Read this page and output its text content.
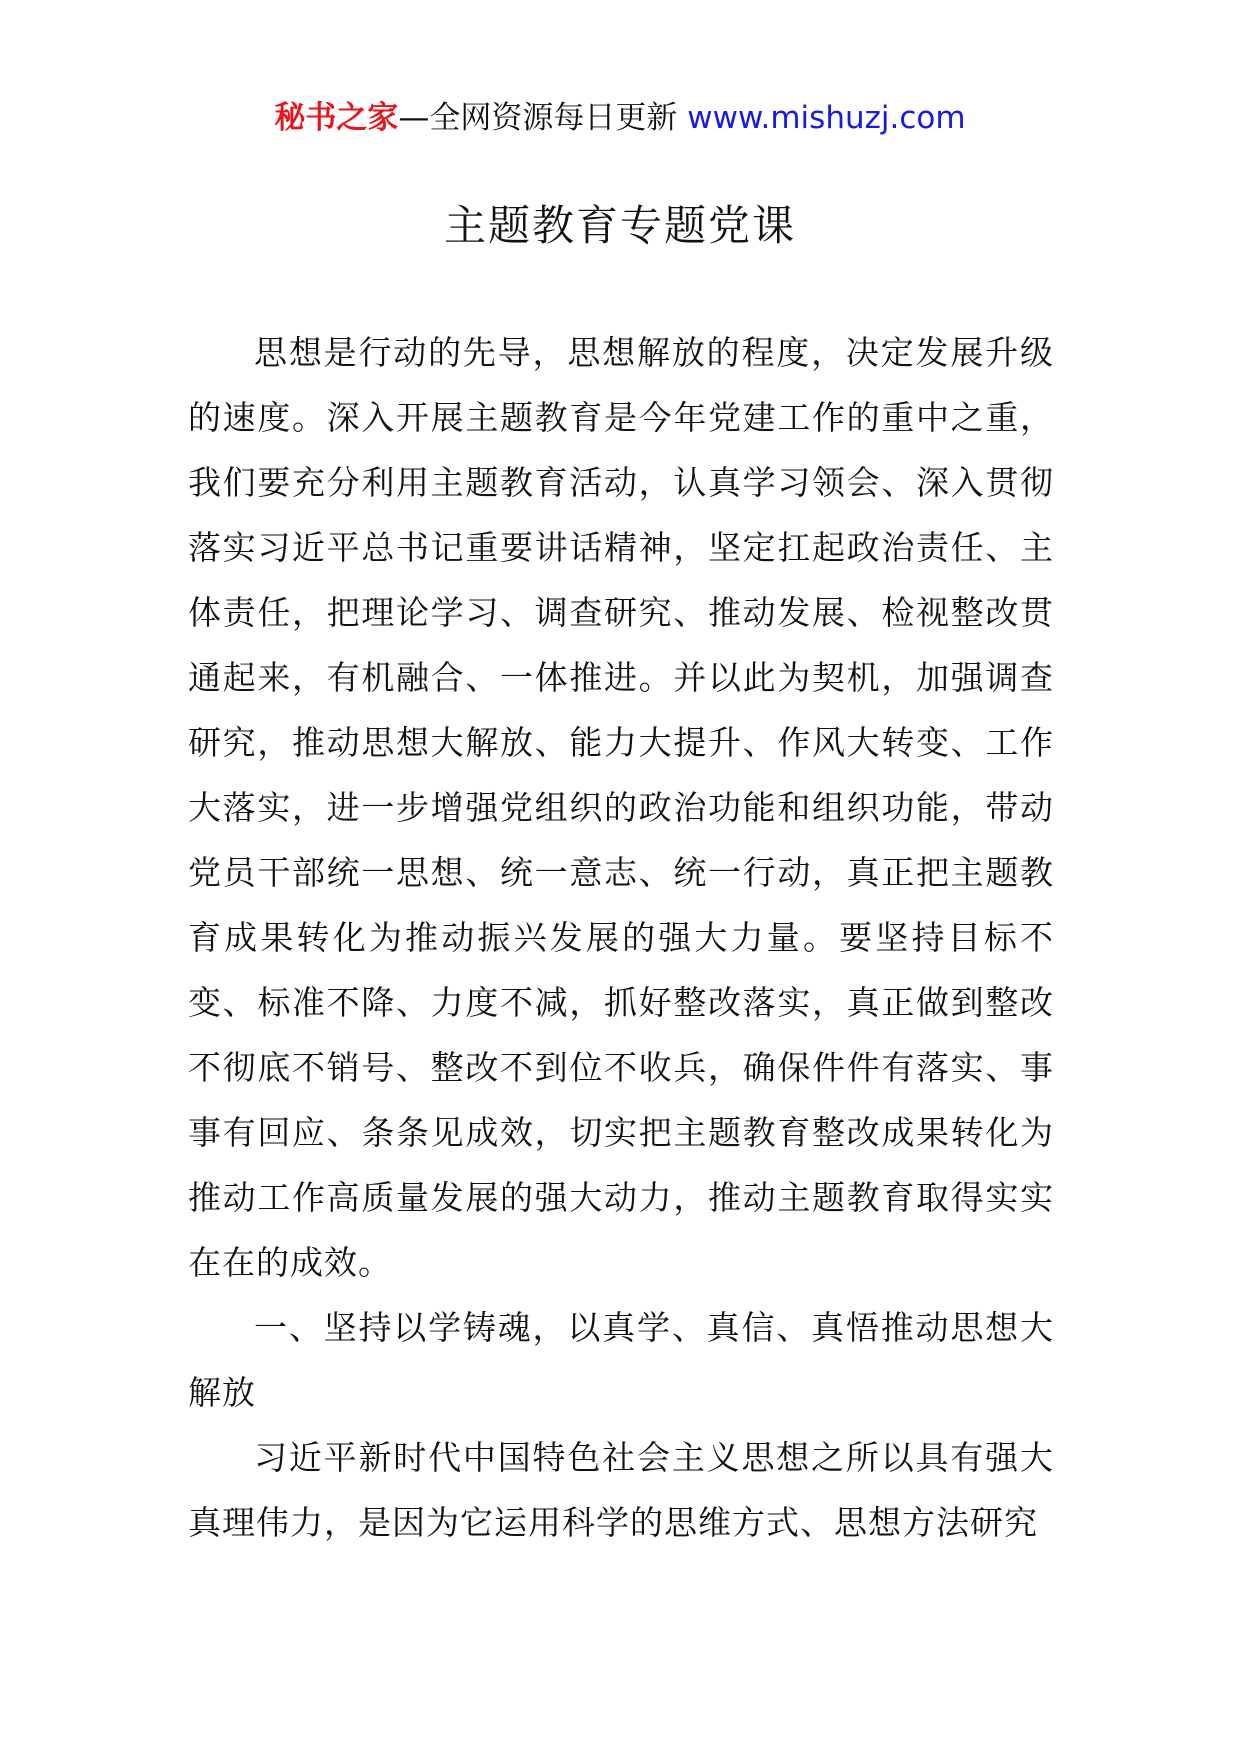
秘书之家—全网资源每日更新 www.mishuzj.com
主题教育专题党课

思想是行动的先导，思想解放的程度，决定发展升级的速度。深入开展主题教育是今年党建工作的重中之重，我们要充分利用主题教育活动，认真学习领会、深入贯彻落实习近平总书记重要讲话精神，坚定扛起政治责任、主体责任，把理论学习、调查研究、推动发展、检视整改贯通起来，有机融合、一体推进。并以此为契机，加强调查研究，推动思想大解放、能力大提升、作风大转变、工作大落实，进一步增强党组织的政治功能和组织功能，带动党员干部统一思想、统一意志、统一行动，真正把主题教育成果转化为推动振兴发展的强大力量。要坚持目标不变、标准不降、力度不减，抓好整改落实，真正做到整改不彻底不销号、整改不到位不收兵，确保件件有落实、事事有回应、条条见成效，切实把主题教育整改成果转化为推动工作高质量发展的强大动力，推动主题教育取得实实在在的成效。

一、坚持以学铸魂，以真学、真信、真悟推动思想大解放

习近平新时代中国特色社会主义思想之所以具有强大真理伟力，是因为它运用科学的思维方式、思想方法研究
